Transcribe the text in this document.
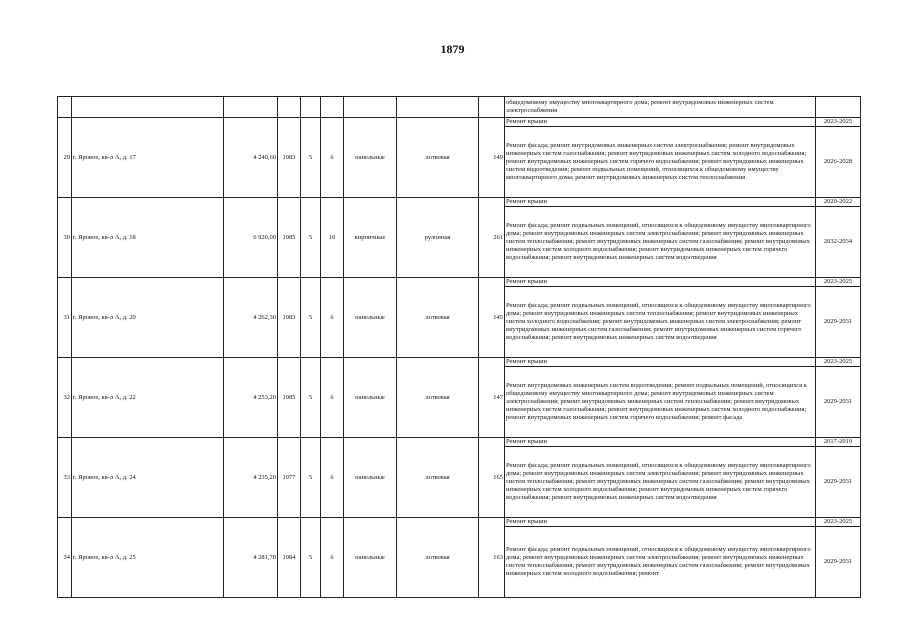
1879
									общедомовому имуществу многоквартирного дома; ремонт внутридомовых инженерных систем электроснабжения	
29	г. Яровое, кв-л А, д. 17	4 240,60	1983	5	6	панельные	лотковая	149	Ремонт крыши	2023-2025
									Ремонт фасада; ремонт внутридомовых инженерных систем электроснабжения; ремонт внутридомовых инженерных систем газоснабжения; ремонт внутридомовых инженерных систем холодного водоснабжения; ремонт внутридомовых инженерных систем горячего водоснабжения; ремонт внутридомовых инженерных систем водоотведения; ремонт подвальных помещений, относящихся к общедомовому имуществу многоквартирного дома; ремонт внутридомовых инженерных систем теплоснабжения	2026-2028
30	г. Яровое, кв-л А, д. 18	6 920,00	1985	5	10	кирпичные	рулонная	261	Ремонт крыши	2020-2022
									Ремонт фасада; ремонт подвальных помещений, относящихся к общедомовому имуществу многоквартирного дома; ремонт внутридомовых инженерных систем электроснабжения; ремонт внутридомовых инженерных систем теплоснабжения; ремонт внутридомовых инженерных систем газоснабжения; ремонт внутридомовых инженерных систем холодного водоснабжения; ремонт внутридомовых инженерных систем горячего водоснабжения; ремонт внутридомовых инженерных систем водоотведения	2032-2034
31	г. Яровое, кв-л А, д. 20	4 262,30	1983	5	6	панельные	лотковая	145	Ремонт крыши	2023-2025
									Ремонт фасада; ремонт подвальных помещений, относящихся к общедомовому имуществу многоквартирного дома; ремонт внутридомовых инженерных систем теплоснабжения; ремонт внутридомовых инженерных систем холодного водоснабжения; ремонт внутридомовых инженерных систем электроснабжения; ремонт внутридомовых инженерных систем газоснабжения; ремонт внутридомовых инженерных систем горячего водоснабжения; ремонт внутридомовых инженерных систем водоотведения	2029-2031
32	г. Яровое, кв-л А, д. 22	4 253,20	1985	5	6	панельные	лотковая	147	Ремонт крыши	2023-2025
									Ремонт внутридомовых инженерных систем водоотведения; ремонт подвальных помещений, относящихся к общедомовому имуществу многоквартирного дома; ремонт внутридомовых инженерных систем электроснабжения; ремонт внутридомовых инженерных систем теплоснабжения; ремонт внутридомовых инженерных систем газоснабжения; ремонт внутридомовых инженерных систем холодного водоснабжения; ремонт внутридомовых инженерных систем горячего водоснабжения; ремонт фасада	2029-2031
33	г. Яровое, кв-л А, д. 24	4 235,20	1977	5	6	панельные	лотковая	165	Ремонт крыши	2017-2019
									Ремонт фасада; ремонт подвальных помещений, относящихся к общедомовому имуществу многоквартирного дома; ремонт внутридомовых инженерных систем электроснабжения; ремонт внутридомовых инженерных систем теплоснабжения; ремонт внутридомовых инженерных систем газоснабжения; ремонт внутридомовых инженерных систем холодного водоснабжения; ремонт внутридомовых инженерных систем горячего водоснабжения; ремонт внутридомовых инженерных систем водоотведения	2029-2031
34	г. Яровое, кв-л А, д. 25	4 281,78	1984	5	6	панельные	лотковая	163	Ремонт крыши	2023-2025
									Ремонт фасада; ремонт подвальных помещений, относящихся к общедомовому имуществу многоквартирного дома; ремонт внутридомовых инженерных систем электроснабжения; ремонт внутридомовых инженерных систем теплоснабжения; ремонт внутридомовых инженерных систем газоснабжения; ремонт внутридомовых инженерных систем холодного водоснабжения; ремонт	2029-2031
